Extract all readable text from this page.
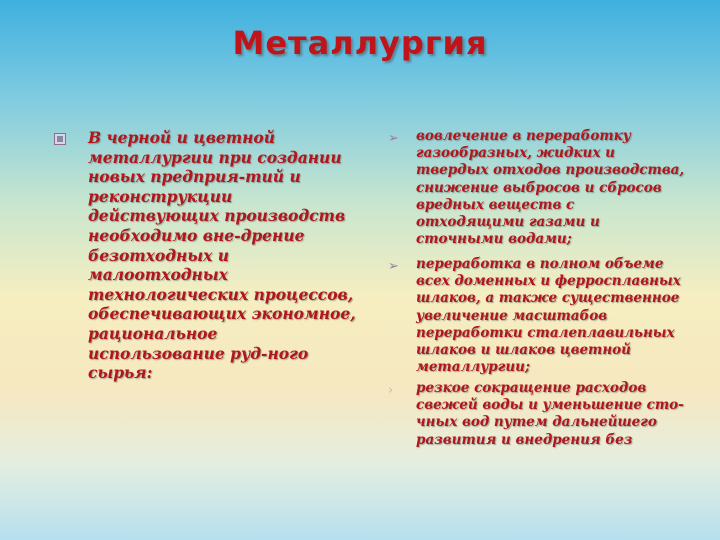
Металлургия
В черной и цветной металлургии при создании новых предприя-тий и реконструкции действующих производств необходимо вне-дрение безотходных и малоотходных технологических процессов, обеспечивающих экономное, рациональное использование руд-ного сырья:
➢ вовлечение в переработку газообразных, жидких и твердых отходов производства, снижение выбросов и сбросов вредных веществ с отходящими газами и сточными водами;
➢ переработка в полном объеме всех доменных и ферросплавных шлаков, а также существенное увеличение масштабов переработки сталеплавильных шлаков и шлаков цветной металлургии;
› резкое сокращение расходов свежей воды и уменьшение сто-чных вод путем дальнейшего развития и внедрения без
